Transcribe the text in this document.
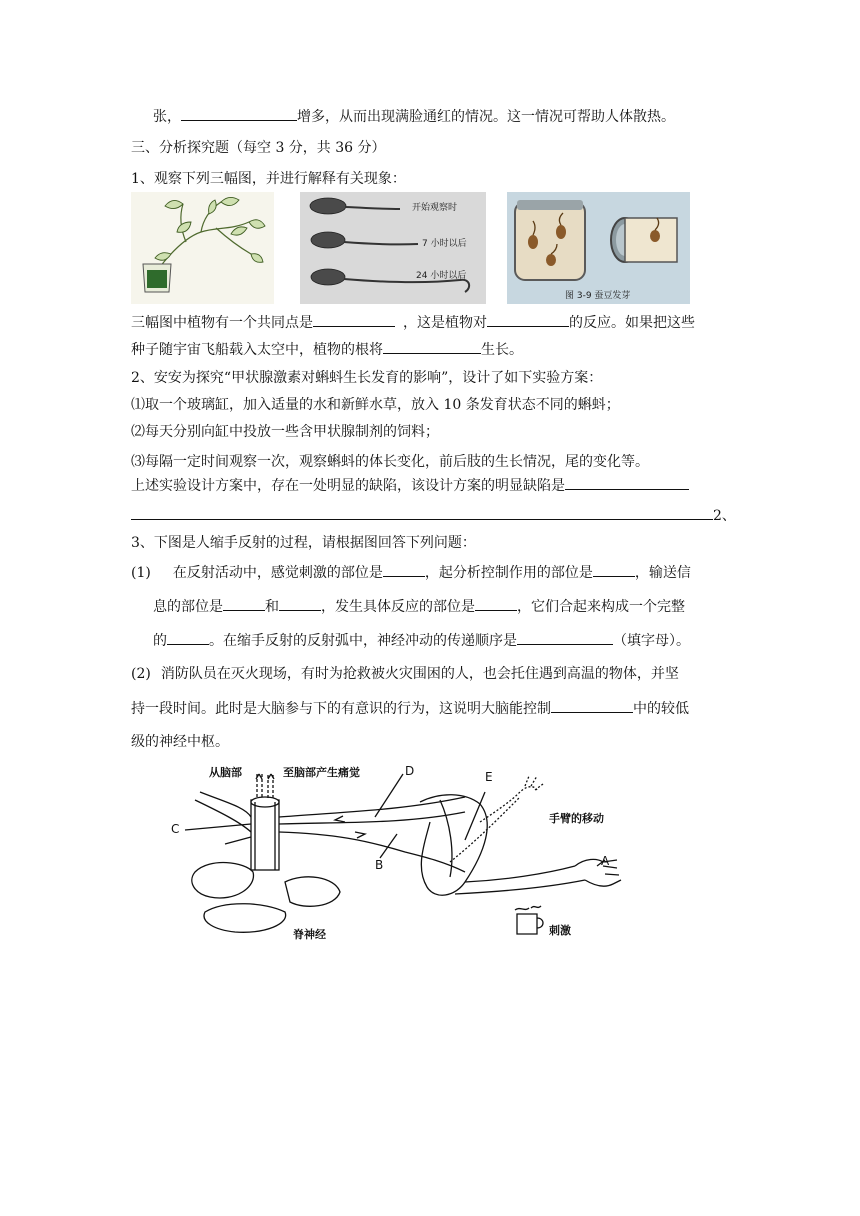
张，	增多，从而出现满脸通红的情况。这一情况可帮助人体散热。
三、分析探究题（每空 3 分，共 36 分）
1、观察下列三幅图，并进行解释有关现象：
开始观察时
7 小时以后
24 小时以后
图 3-9 蚕豆发芽
三幅图中植物有一个共同点是	，这是植物对	的反应。如果把这些
种子随宇宙飞船载入太空中，植物的根将	生长。
2、安安为探究“甲状腺激素对蝌蚪生长发育的影响”，设计了如下实验方案：
⑴取一个玻璃缸，加入适量的水和新鲜水草，放入 10 条发育状态不同的蝌蚪；
⑵每天分别向缸中投放一些含甲状腺制剂的饲料；
⑶每隔一定时间观察一次，观察蝌蚪的体长变化，前后肢的生长情况，尾的变化等。
上述实验设计方案中，存在一处明显的缺陷，该设计方案的明显缺陷是
2、
3、下图是人缩手反射的过程，请根据图回答下列问题：
(1) 在反射活动中，感觉刺激的部位是	，起分析控制作用的部位是	，输送信
息的部位是	和	，发生具体反应的部位是	，它们合起来构成一个完整
的	。在缩手反射的反射弧中，神经冲动的传递顺序是	（填字母）。
(2) 消防队员在灭火现场，有时为抢救被火灾围困的人，也会托住遇到高温的物体，并坚
持一段时间。此时是大脑参与下的有意识的行为，这说明大脑能控制	中的较低
级的神经中枢。
从脑部	至脑部产生痛觉	D	E
手臂的移动
C
B	A
脊神经	刺激
